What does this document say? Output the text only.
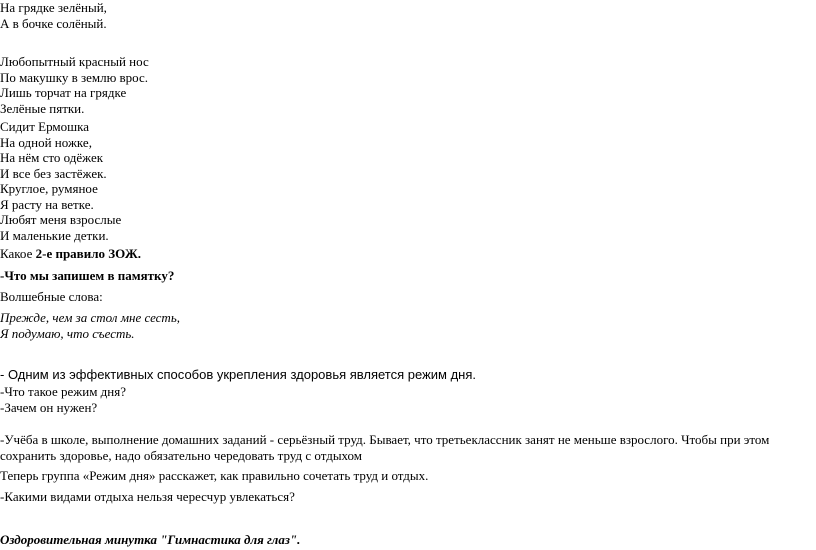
На грядке зелёный,
А в бочке солёный.
Любопытный красный нос
По макушку в землю врос.
Лишь торчат на грядке
Зелёные пятки.
Сидит Ермошка
На одной ножке,
На нём сто одёжек
И все без застёжек.
Круглое, румяное
Я расту на ветке.
Любят меня взрослые
И маленькие детки.
Какое 2-е правило ЗОЖ.
-Что мы запишем в памятку?
Волшебные слова:
Прежде, чем за стол мне сесть,
Я подумаю, что съесть.
- Одним из эффективных способов укрепления здоровья является режим дня.
-Что такое режим дня?
-Зачем он нужен?
-Учёба в школе, выполнение домашних заданий - серьёзный труд. Бывает, что третьеклассник занят не меньше взрослого. Чтобы при этом сохранить здоровье, надо обязательно чередовать труд с отдыхом
Теперь группа «Режим дня» расскажет, как правильно сочетать труд и отдых.
-Какими видами отдыха нельзя чересчур увлекаться?
Оздоровительная минутка "Гимнастика для глаз".
